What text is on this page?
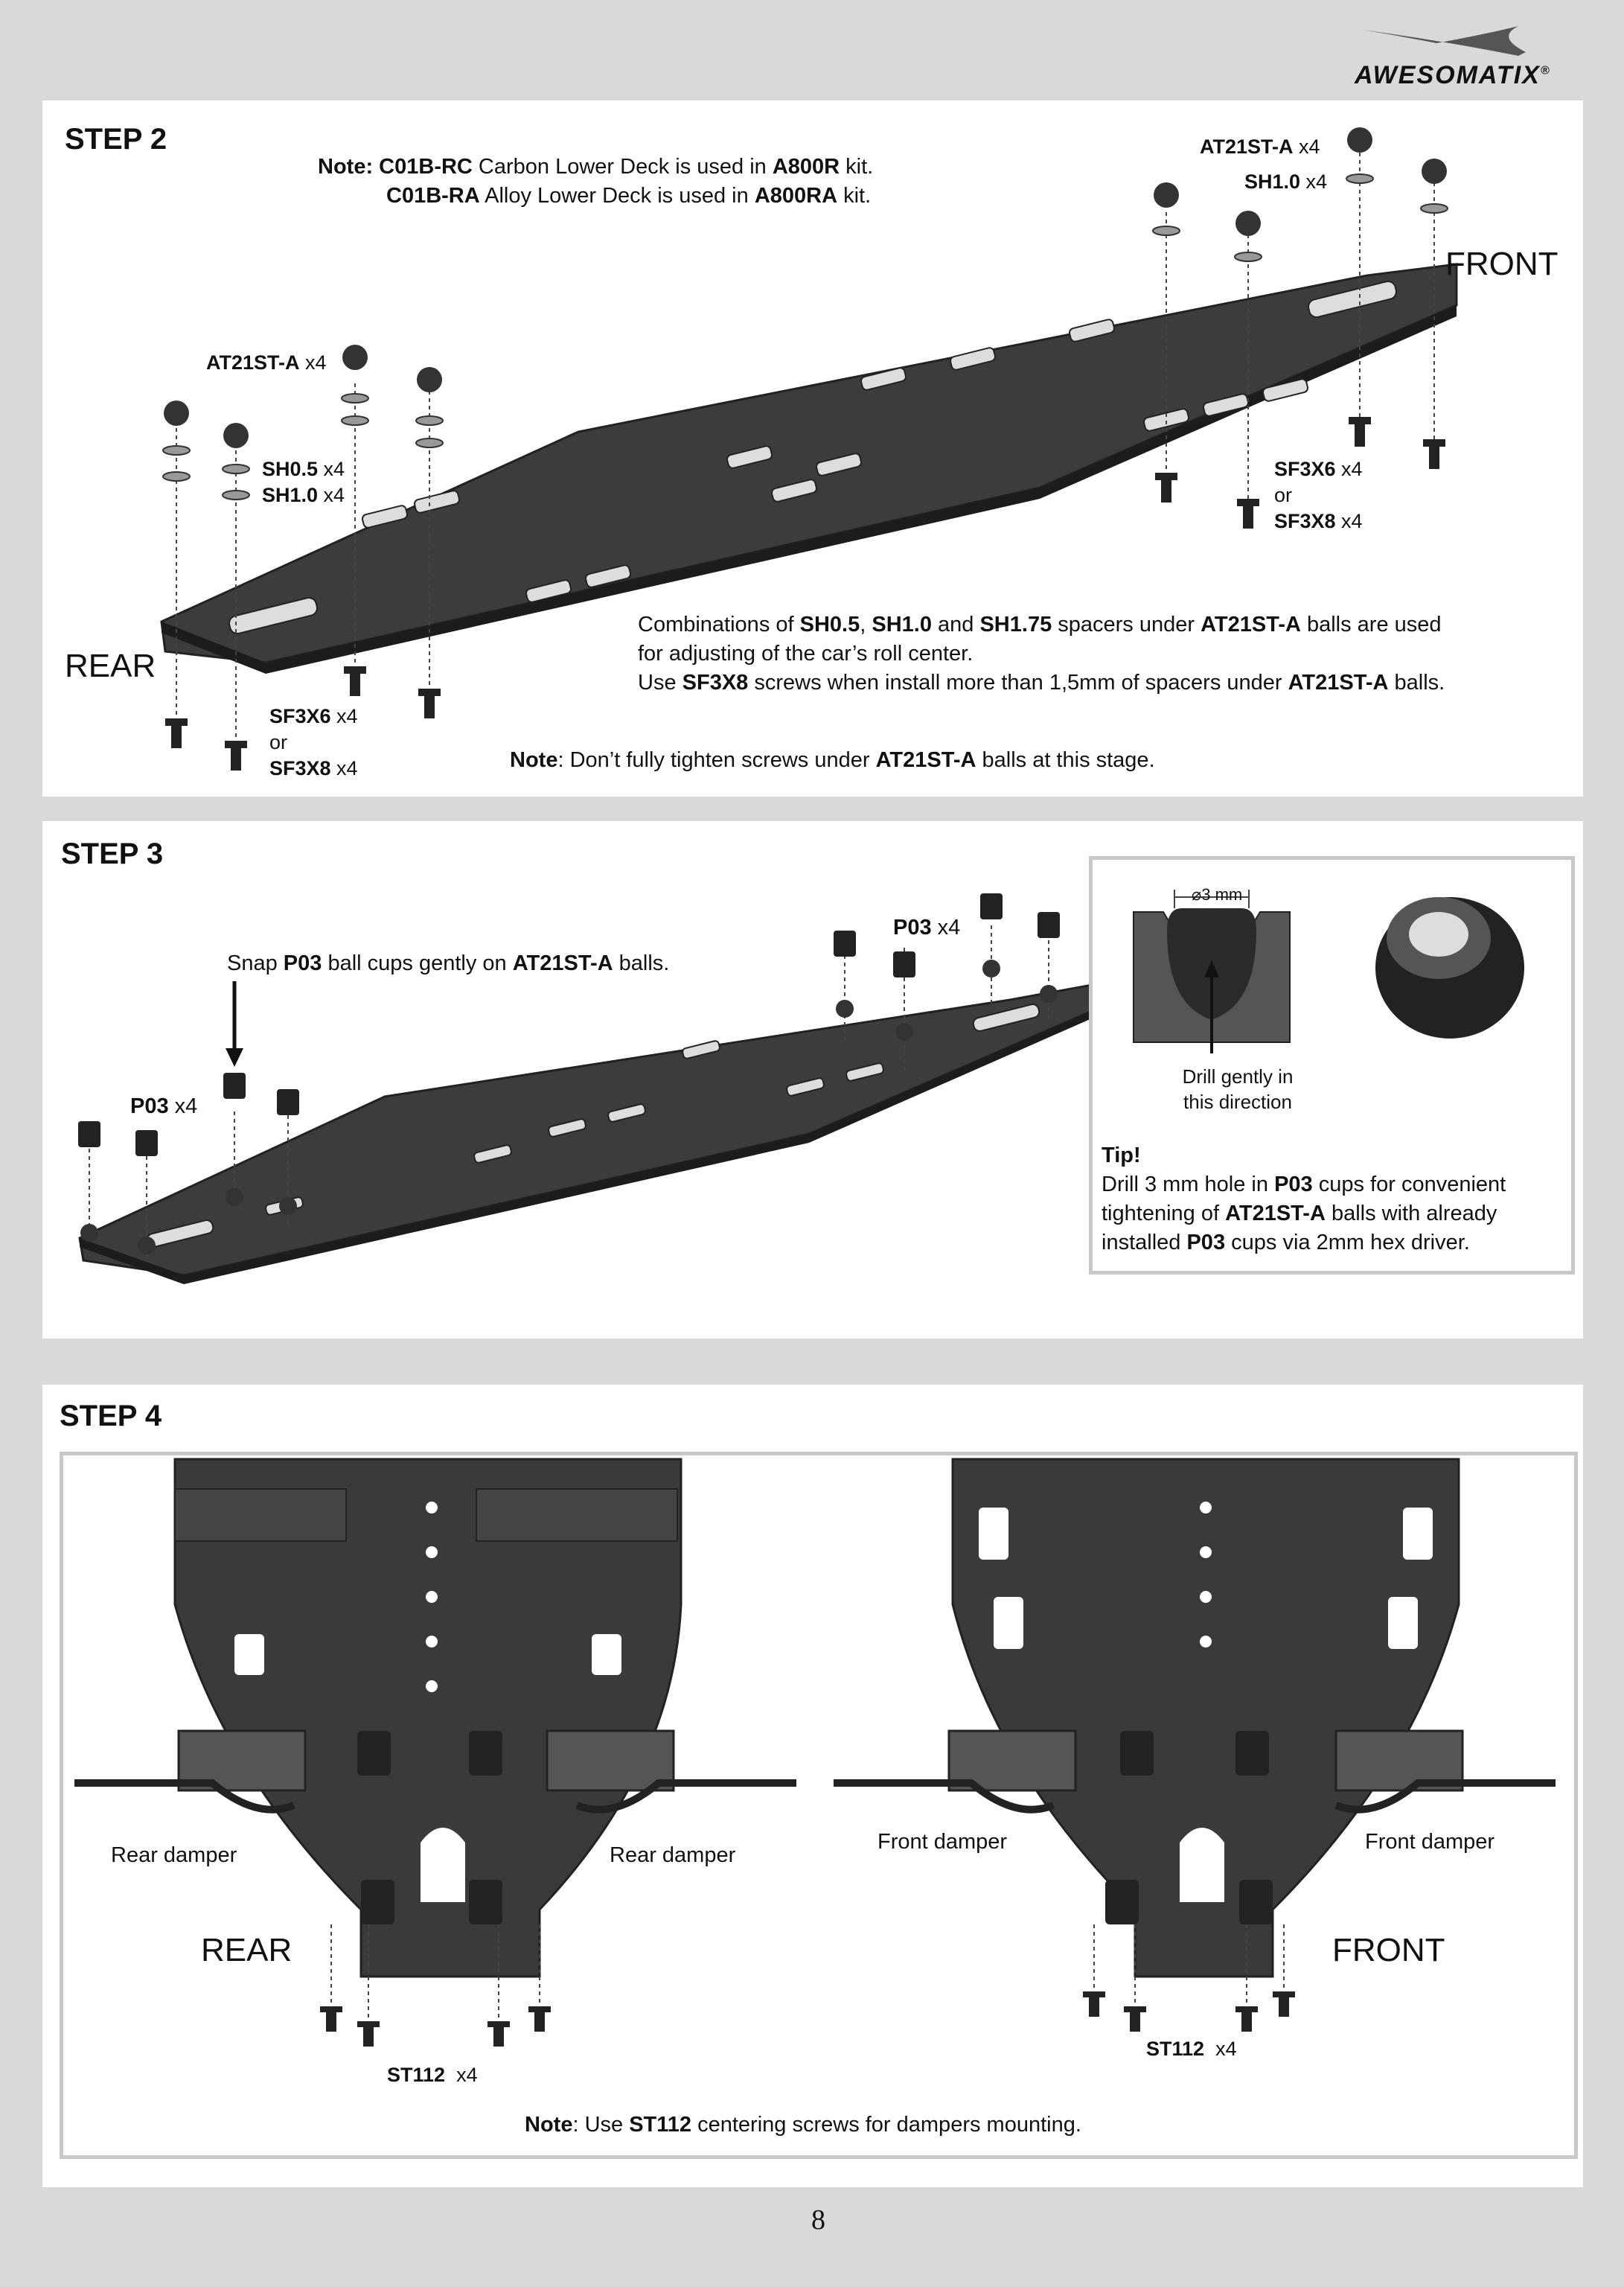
AWESOMATIX®
STEP 2
Note: C01B-RC Carbon Lower Deck is used in A800R kit.
C01B-RA Alloy Lower Deck is used in A800RA kit.
AT21ST-A x4
SH1.0 x4
FRONT
AT21ST-A x4
SH0.5 x4
SH1.0 x4
SF3X6 x4
or
SF3X8 x4
REAR
SF3X6 x4
or
SF3X8 x4
Combinations of SH0.5, SH1.0 and SH1.75 spacers under AT21ST-A balls are used
for adjusting of the car’s roll center.
Use SF3X8 screws when install more than 1,5mm of spacers under AT21ST-A balls.
Note: Don’t fully tighten screws under AT21ST-A balls at this stage.
STEP 3
Snap P03 ball cups gently on AT21ST-A balls.
P03 x4
P03 x4
⌀3 mm
Drill gently in
this direction
Tip!
Drill 3 mm hole in P03 cups for convenient
tightening of AT21ST-A balls with already
installed P03 cups via 2mm hex driver.
STEP 4
Rear damper	Rear damper
Front damper	Front damper
REAR	FRONT
ST112  x4
ST112  x4
Note: Use ST112 centering screws for dampers mounting.
8
